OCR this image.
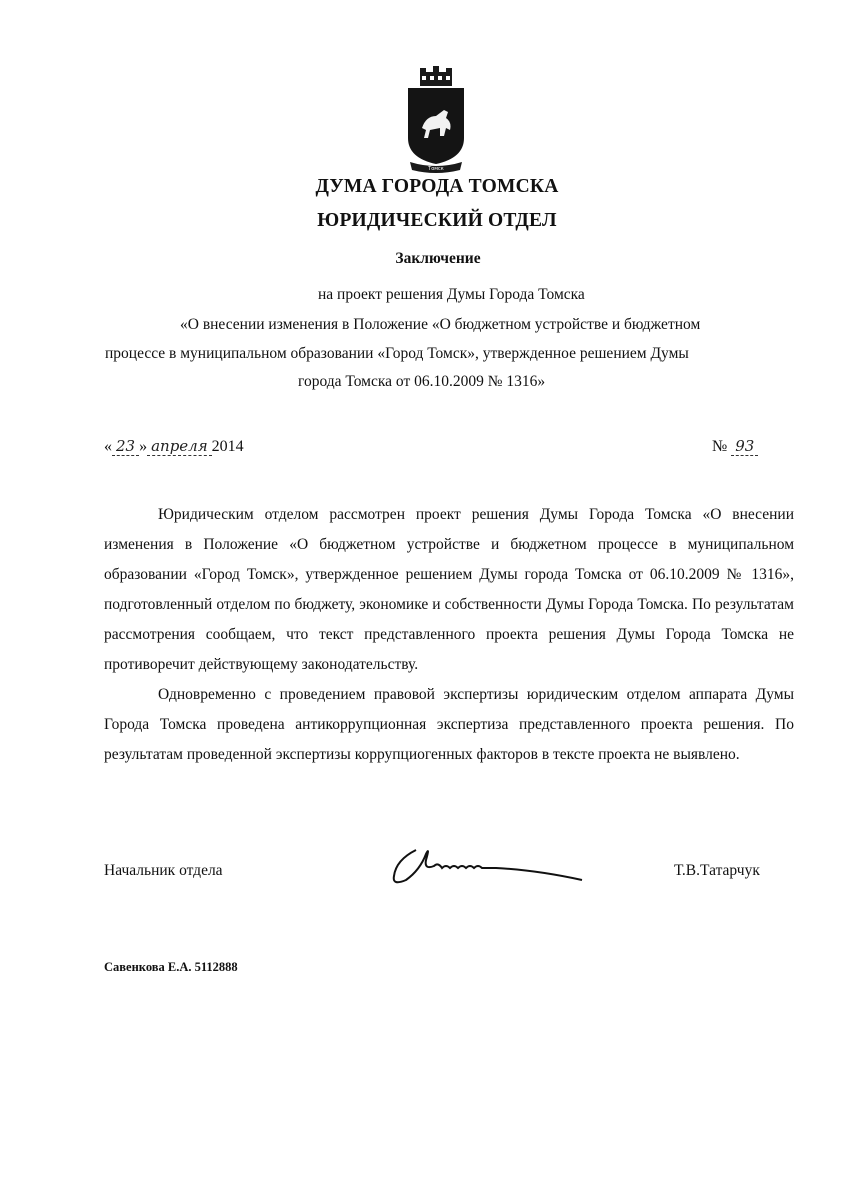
Томск
ДУМА ГОРОДА ТОМСКА
ЮРИДИЧЕСКИЙ ОТДЕЛ
Заключение
на проект решения Думы Города Томска
«О внесении изменения в Положение «О бюджетном устройстве и бюджетном
процессе в муниципальном образовании «Город Томск», утвержденное решением Думы
города Томска от 06.10.2009 № 1316»
« 23 » апреля 2014	№ 93

Юридическим отделом рассмотрен проект решения Думы Города Томска «О внесении изменения в Положение «О бюджетном устройстве и бюджетном процессе в муниципальном образовании «Город Томск», утвержденное решением Думы города Томска от 06.10.2009 № 1316», подготовленный отделом по бюджету, экономике и собственности Думы Города Томска. По результатам рассмотрения сообщаем, что текст представленного проекта решения Думы Города Томска не противоречит действующему законодательству.

Одновременно с проведением правовой экспертизы юридическим отделом аппарата Думы Города Томска проведена антикоррупционная экспертиза представленного проекта решения. По результатам проведенной экспертизы коррупциогенных факторов в тексте проекта не выявлено.

Начальник отдела	Т.В.Татарчук
Савенкова Е.А. 5112888
